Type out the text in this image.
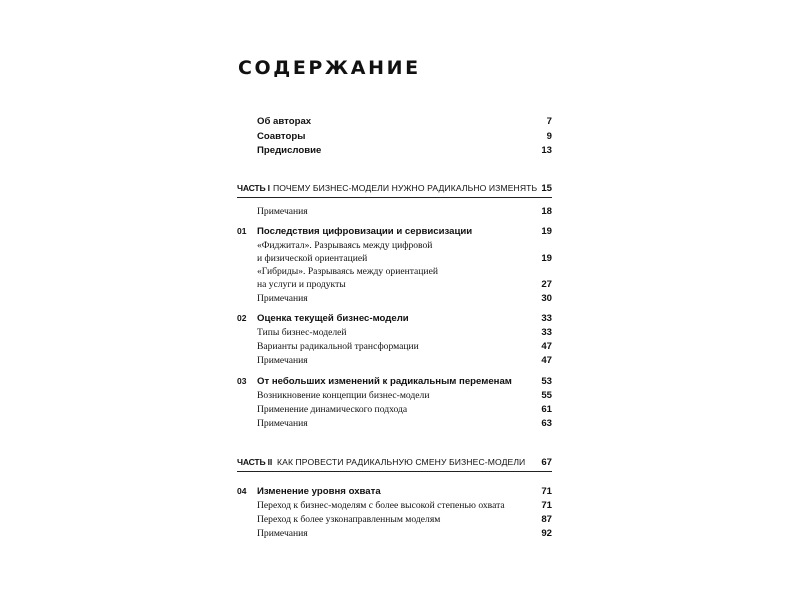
СОДЕРЖАНИЕ
Об авторах	7
Соавторы	9
Предисловие	13
ЧАСТЬ I ПОЧЕМУ БИЗНЕС-МОДЕЛИ НУЖНО РАДИКАЛЬНО ИЗМЕНЯТЬ 15
Примечания	18
01	Последствия цифровизации и сервисизации	19
«Фиджитал». Разрываясь между цифровой
и физической ориентацией	19
«Гибриды». Разрываясь между ориентацией
на услуги и продукты	27
Примечания	30
02	Оценка текущей бизнес-модели	33
Типы бизнес-моделей	33
Варианты радикальной трансформации	47
Примечания	47
03	От небольших изменений к радикальным переменам	53
Возникновение концепции бизнес-модели	55
Применение динамического подхода	61
Примечания	63
ЧАСТЬ II КАК ПРОВЕСТИ РАДИКАЛЬНУЮ СМЕНУ БИЗНЕС-МОДЕЛИ 67
04	Изменение уровня охвата	71
Переход к бизнес-моделям с более высокой степенью охвата	71
Переход к более узконаправленным моделям	87
Примечания	92
